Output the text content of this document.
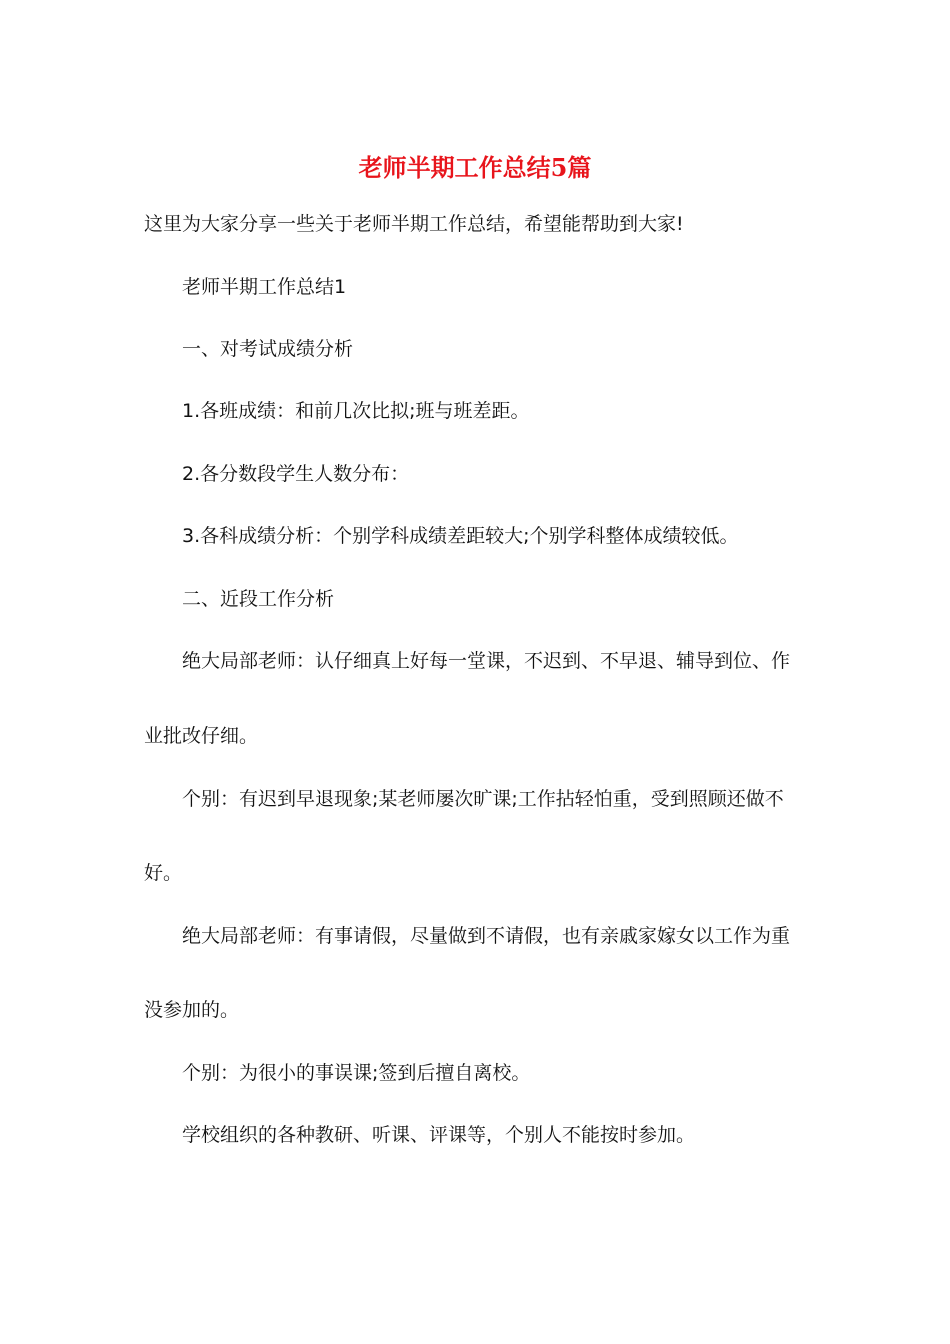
老师半期工作总结5篇

这里为大家分享一些关于老师半期工作总结，希望能帮助到大家!

老师半期工作总结1

一、对考试成绩分析

1.各班成绩：和前几次比拟;班与班差距。

2.各分数段学生人数分布：

3.各科成绩分析：个别学科成绩差距较大;个别学科整体成绩较低。

二、近段工作分析

绝大局部老师：认仔细真上好每一堂课，不迟到、不早退、辅导到位、作

业批改仔细。

个别：有迟到早退现象;某老师屡次旷课;工作拈轻怕重，受到照顾还做不

好。

绝大局部老师：有事请假，尽量做到不请假，也有亲戚家嫁女以工作为重

没参加的。

个别：为很小的事误课;签到后擅自离校。

学校组织的各种教研、听课、评课等，个别人不能按时参加。
